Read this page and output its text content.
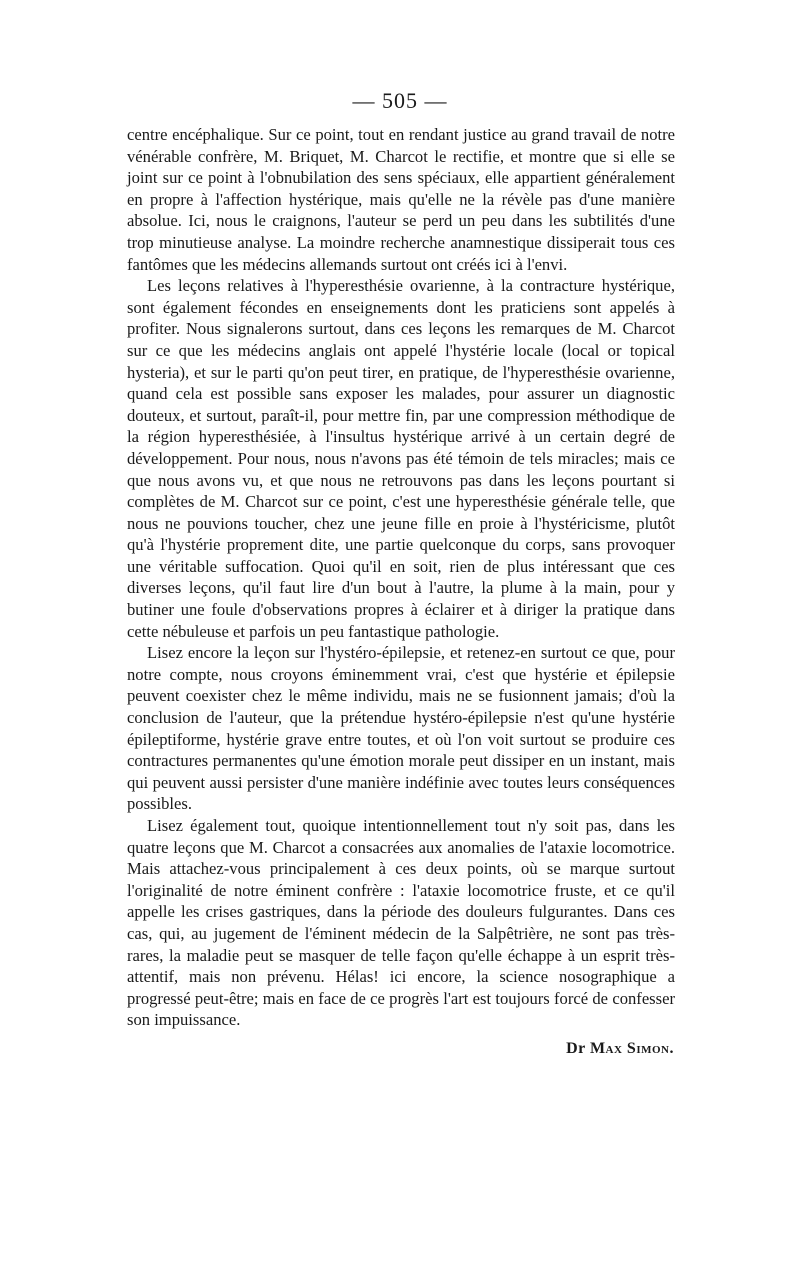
— 505 —

centre encéphalique. Sur ce point, tout en rendant justice au grand travail de notre vénérable confrère, M. Briquet, M. Charcot le rectifie, et montre que si elle se joint sur ce point à l'obnubilation des sens spéciaux, elle appartient généralement en propre à l'affection hystérique, mais qu'elle ne la révèle pas d'une manière absolue. Ici, nous le craignons, l'auteur se perd un peu dans les subtilités d'une trop minutieuse analyse. La moindre recherche anamnestique dissiperait tous ces fantômes que les médecins allemands surtout ont créés ici à l'envi.

Les leçons relatives à l'hyperesthésie ovarienne, à la contracture hystérique, sont également fécondes en enseignements dont les praticiens sont appelés à profiter. Nous signalerons surtout, dans ces leçons les remarques de M. Charcot sur ce que les médecins anglais ont appelé l'hystérie locale (local or topical hysteria), et sur le parti qu'on peut tirer, en pratique, de l'hyperesthésie ovarienne, quand cela est possible sans exposer les malades, pour assurer un diagnostic douteux, et surtout, paraît-il, pour mettre fin, par une compression méthodique de la région hyperesthésiée, à l'insultus hystérique arrivé à un certain degré de développement. Pour nous, nous n'avons pas été témoin de tels miracles; mais ce que nous avons vu, et que nous ne retrouvons pas dans les leçons pourtant si complètes de M. Charcot sur ce point, c'est une hyperesthésie générale telle, que nous ne pouvions toucher, chez une jeune fille en proie à l'hystéricisme, plutôt qu'à l'hystérie proprement dite, une partie quelconque du corps, sans provoquer une véritable suffocation. Quoi qu'il en soit, rien de plus intéressant que ces diverses leçons, qu'il faut lire d'un bout à l'autre, la plume à la main, pour y butiner une foule d'observations propres à éclairer et à diriger la pratique dans cette nébuleuse et parfois un peu fantastique pathologie.

Lisez encore la leçon sur l'hystéro-épilepsie, et retenez-en surtout ce que, pour notre compte, nous croyons éminemment vrai, c'est que hystérie et épilepsie peuvent coexister chez le même individu, mais ne se fusionnent jamais; d'où la conclusion de l'auteur, que la prétendue hystéro-épilepsie n'est qu'une hystérie épileptiforme, hystérie grave entre toutes, et où l'on voit surtout se produire ces contractures permanentes qu'une émotion morale peut dissiper en un instant, mais qui peuvent aussi persister d'une manière indéfinie avec toutes leurs conséquences possibles.

Lisez également tout, quoique intentionnellement tout n'y soit pas, dans les quatre leçons que M. Charcot a consacrées aux anomalies de l'ataxie locomotrice. Mais attachez-vous principalement à ces deux points, où se marque surtout l'originalité de notre éminent confrère : l'ataxie locomotrice fruste, et ce qu'il appelle les crises gastriques, dans la période des douleurs fulgurantes. Dans ces cas, qui, au jugement de l'éminent médecin de la Salpêtrière, ne sont pas très-rares, la maladie peut se masquer de telle façon qu'elle échappe à un esprit très-attentif, mais non prévenu. Hélas! ici encore, la science nosographique a progressé peut-être; mais en face de ce progrès l'art est toujours forcé de confesser son impuissance.

Dr Max Simon.
